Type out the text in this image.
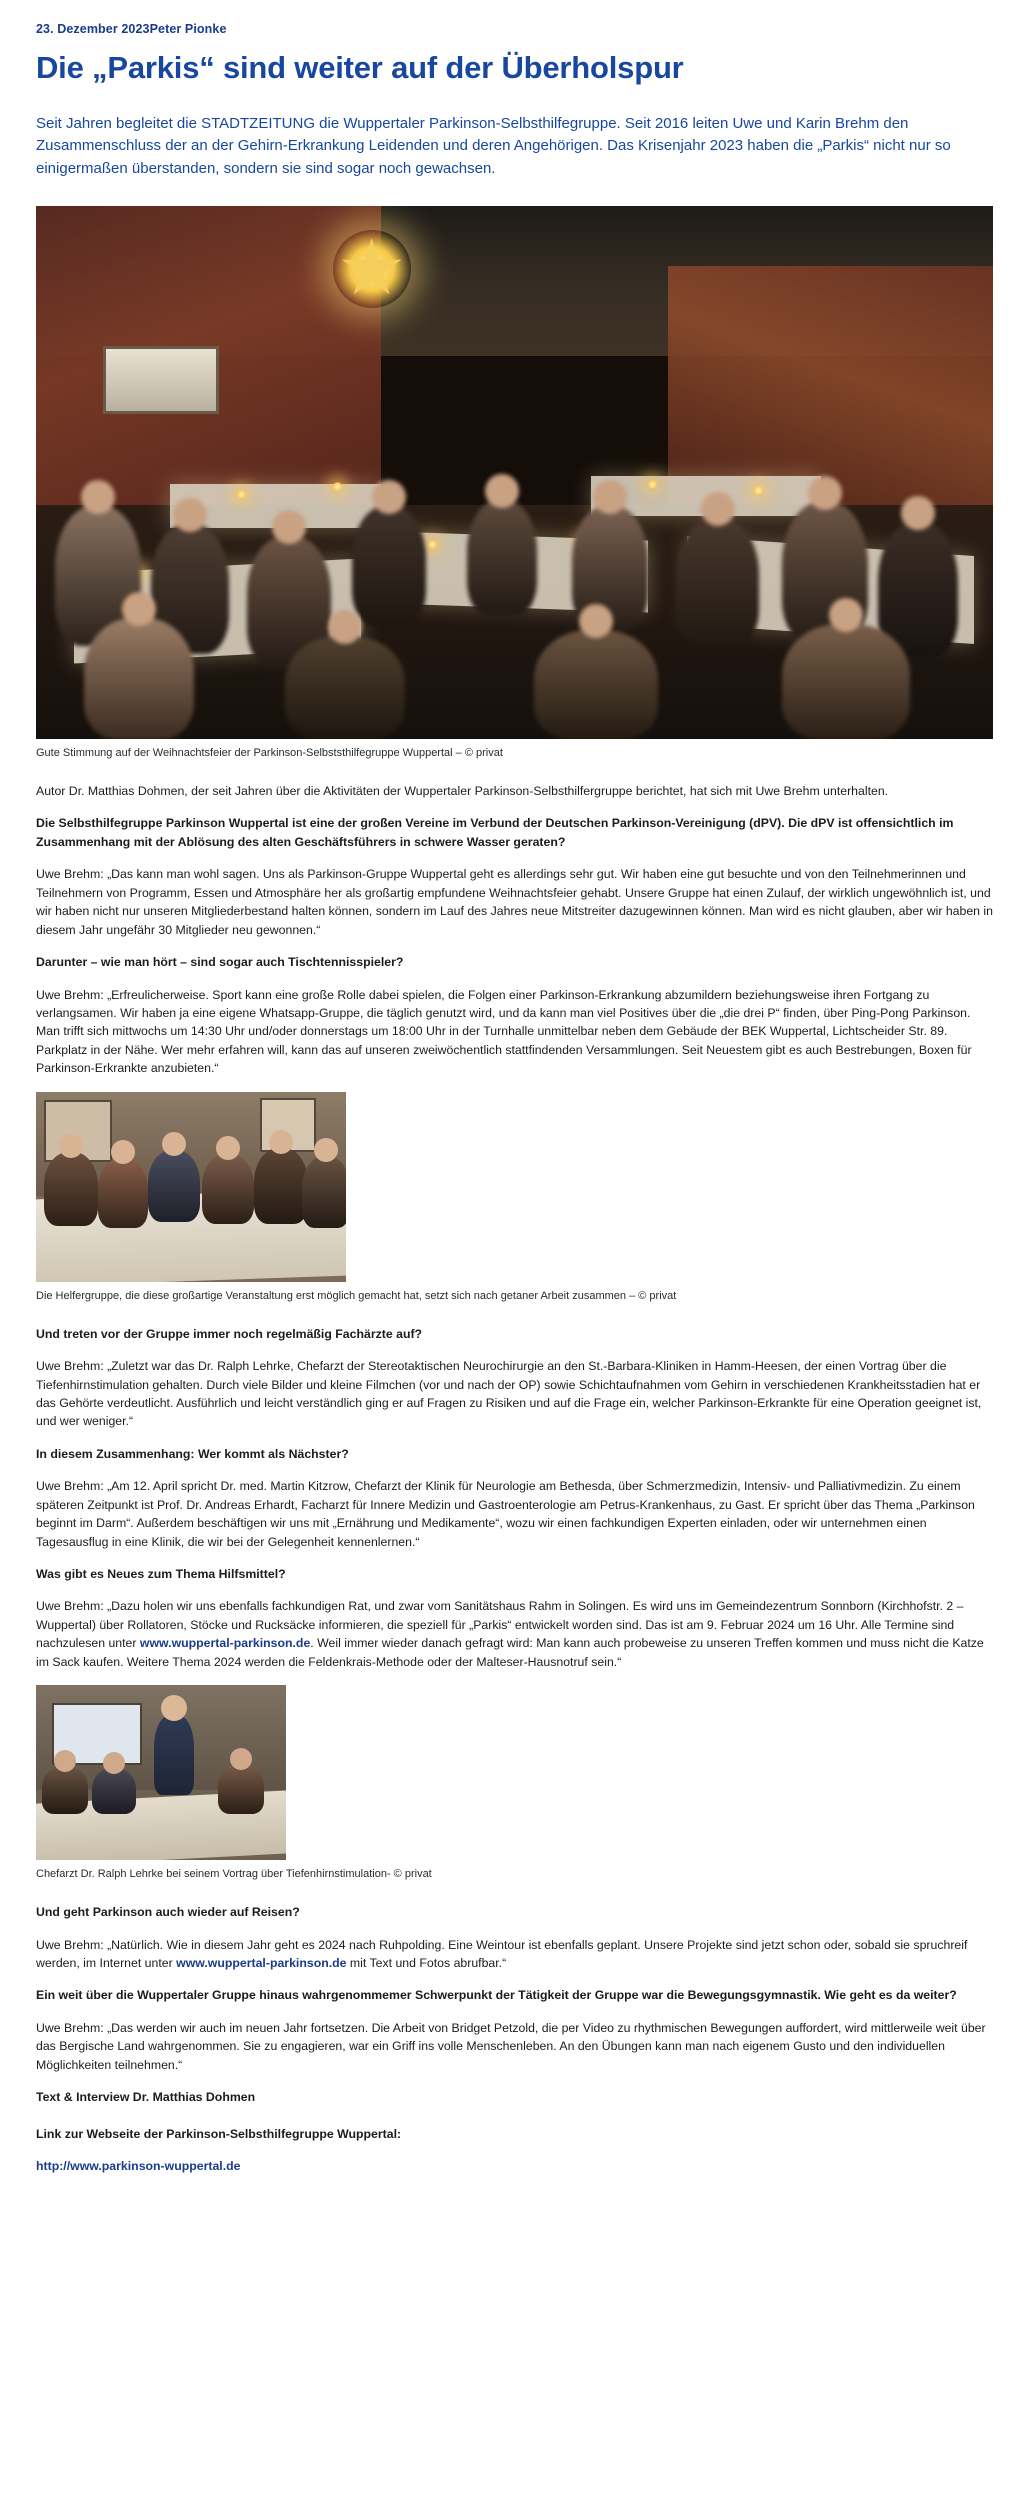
23. Dezember 2023Peter Pionke
Die „Parkis“ sind weiter auf der Überholspur

Seit Jahren begleitet die STADTZEITUNG die Wuppertaler Parkinson-Selbsthilfegruppe. Seit 2016 leiten Uwe und Karin Brehm den Zusammenschluss der an der Gehirn-Erkrankung Leidenden und deren Angehörigen. Das Krisenjahr 2023 haben die „Parkis“ nicht nur so einigermaßen überstanden, sondern sie sind sogar noch gewachsen.

Gute Stimmung auf der Weihnachtsfeier der Parkinson-Selbststhilfegruppe Wuppertal – © privat

Autor Dr. Matthias Dohmen, der seit Jahren über die Aktivitäten der Wuppertaler Parkinson-Selbsthilfergruppe berichtet, hat sich mit Uwe Brehm unterhalten.

Die Selbsthilfegruppe Parkinson Wuppertal ist eine der großen Vereine im Verbund der Deutschen Parkinson-Vereinigung (dPV). Die dPV ist offensichtlich im Zusammenhang mit der Ablösung des alten Geschäftsführers in schwere Wasser geraten?

Uwe Brehm: „Das kann man wohl sagen. Uns als Parkinson-Gruppe Wuppertal geht es allerdings sehr gut. Wir haben eine gut besuchte und von den Teilnehmerinnen und Teilnehmern von Programm, Essen und Atmosphäre her als großartig empfundene Weihnachtsfeier gehabt. Unsere Gruppe hat einen Zulauf, der wirklich ungewöhnlich ist, und wir haben nicht nur unseren Mitgliederbestand halten können, sondern im Lauf des Jahres neue Mitstreiter dazugewinnen können. Man wird es nicht glauben, aber wir haben in diesem Jahr ungefähr 30 Mitglieder neu gewonnen.“

Darunter – wie man hört – sind sogar auch Tischtennisspieler?

Uwe Brehm: „Erfreulicherweise. Sport kann eine große Rolle dabei spielen, die Folgen einer Parkinson-Erkrankung abzumildern beziehungsweise ihren Fortgang zu verlangsamen. Wir haben ja eine eigene Whatsapp-Gruppe, die täglich genutzt wird, und da kann man viel Positives über die „die drei P“ finden, über Ping-Pong Parkinson. Man trifft sich mittwochs um 14:30 Uhr und/oder donnerstags um 18:00 Uhr in der Turnhalle unmittelbar neben dem Gebäude der BEK Wuppertal, Lichtscheider Str. 89. Parkplatz in der Nähe. Wer mehr erfahren will, kann das auf unseren zweiwöchentlich stattfindenden Versammlungen. Seit Neuestem gibt es auch Bestrebungen, Boxen für Parkinson-Erkrankte anzubieten.“

Die Helfergruppe, die diese großartige Veranstaltung erst möglich gemacht hat, setzt sich nach getaner Arbeit zusammen – © privat

Und treten vor der Gruppe immer noch regelmäßig Fachärzte auf?

Uwe Brehm: „Zuletzt war das Dr. Ralph Lehrke, Chefarzt der Stereotaktischen Neurochirurgie an den St.-Barbara-Kliniken in Hamm-Heesen, der einen Vortrag über die Tiefenhirnstimulation gehalten. Durch viele Bilder und kleine Filmchen (vor und nach der OP) sowie Schichtaufnahmen vom Gehirn in verschiedenen Krankheitsstadien hat er das Gehörte verdeutlicht. Ausführlich und leicht verständlich ging er auf Fragen zu Risiken und auf die Frage ein, welcher Parkinson-Erkrankte für eine Operation geeignet ist, und wer weniger.“

In diesem Zusammenhang: Wer kommt als Nächster?

Uwe Brehm: „Am 12. April spricht Dr. med. Martin Kitzrow, Chefarzt der Klinik für Neurologie am Bethesda, über Schmerzmedizin, Intensiv- und Palliativmedizin. Zu einem späteren Zeitpunkt ist Prof. Dr. Andreas Erhardt, Facharzt für Innere Medizin und Gastroenterologie am Petrus-Krankenhaus, zu Gast. Er spricht über das Thema „Parkinson beginnt im Darm“. Außerdem beschäftigen wir uns mit „Ernährung und Medikamente“, wozu wir einen fachkundigen Experten einladen, oder wir unternehmen einen Tagesausflug in eine Klinik, die wir bei der Gelegenheit kennenlernen.“

Was gibt es Neues zum Thema Hilfsmittel?

Uwe Brehm: „Dazu holen wir uns ebenfalls fachkundigen Rat, und zwar vom Sanitätshaus Rahm in Solingen. Es wird uns im Gemeindezentrum Sonnborn (Kirchhofstr. 2 – Wuppertal) über Rollatoren, Stöcke und Rucksäcke informieren, die speziell für „Parkis“ entwickelt worden sind. Das ist am 9. Februar 2024 um 16 Uhr. Alle Termine sind nachzulesen unter www.wuppertal-parkinson.de. Weil immer wieder danach gefragt wird: Man kann auch probeweise zu unseren Treffen kommen und muss nicht die Katze im Sack kaufen. Weitere Thema 2024 werden die Feldenkrais-Methode oder der Malteser-Hausnotruf sein.“

Chefarzt Dr. Ralph Lehrke bei seinem Vortrag über Tiefenhirnstimulation- © privat

Und geht Parkinson auch wieder auf Reisen?

Uwe Brehm: „Natürlich. Wie in diesem Jahr geht es 2024 nach Ruhpolding. Eine Weintour ist ebenfalls geplant. Unsere Projekte sind jetzt schon oder, sobald sie spruchreif werden, im Internet unter www.wuppertal-parkinson.de mit Text und Fotos abrufbar.“

Ein weit über die Wuppertaler Gruppe hinaus wahrgenommemer Schwerpunkt der Tätigkeit der Gruppe war die Bewegungsgymnastik. Wie geht es da weiter?

Uwe Brehm: „Das werden wir auch im neuen Jahr fortsetzen. Die Arbeit von Bridget Petzold, die per Video zu rhythmischen Bewegungen auffordert, wird mittlerweile weit über das Bergische Land wahrgenommen. Sie zu engagieren, war ein Griff ins volle Menschenleben. An den Übungen kann man nach eigenem Gusto und den individuellen Möglichkeiten teilnehmen.“

Text & Interview Dr. Matthias Dohmen

Link zur Webseite der Parkinson-Selbsthilfegruppe Wuppertal:

http://www.parkinson-wuppertal.de
